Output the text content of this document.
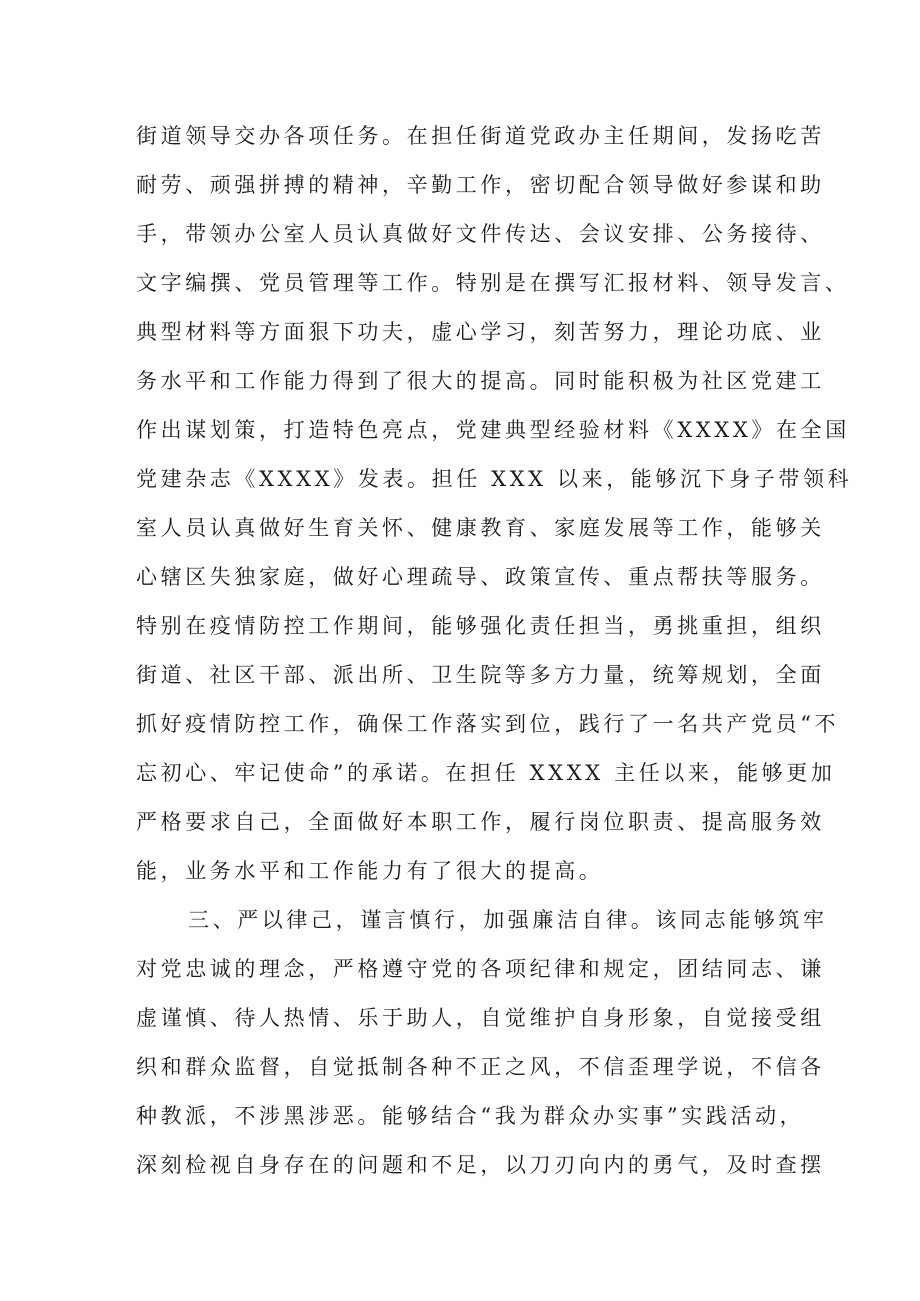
街道领导交办各项任务。在担任街道党政办主任期间，发扬吃苦
耐劳、顽强拼搏的精神，辛勤工作，密切配合领导做好参谋和助
手，带领办公室人员认真做好文件传达、会议安排、公务接待、
文字编撰、党员管理等工作。特别是在撰写汇报材料、领导发言、
典型材料等方面狠下功夫，虚心学习，刻苦努力，理论功底、业
务水平和工作能力得到了很大的提高。同时能积极为社区党建工
作出谋划策，打造特色亮点，党建典型经验材料《XXXX》在全国
党建杂志《XXXX》发表。担任 XXX 以来，能够沉下身子带领科
室人员认真做好生育关怀、健康教育、家庭发展等工作，能够关
心辖区失独家庭，做好心理疏导、政策宣传、重点帮扶等服务。
特别在疫情防控工作期间，能够强化责任担当，勇挑重担，组织
街道、社区干部、派出所、卫生院等多方力量，统筹规划，全面
抓好疫情防控工作，确保工作落实到位，践行了一名共产党员“不
忘初心、牢记使命”的承诺。在担任 XXXX 主任以来，能够更加
严格要求自己，全面做好本职工作，履行岗位职责、提高服务效
能，业务水平和工作能力有了很大的提高。
三、严以律己，谨言慎行，加强廉洁自律。该同志能够筑牢
对党忠诚的理念，严格遵守党的各项纪律和规定，团结同志、谦
虚谨慎、待人热情、乐于助人，自觉维护自身形象，自觉接受组
织和群众监督，自觉抵制各种不正之风，不信歪理学说，不信各
种教派，不涉黑涉恶。能够结合“我为群众办实事”实践活动，
深刻检视自身存在的问题和不足，以刀刃向内的勇气，及时查摆
